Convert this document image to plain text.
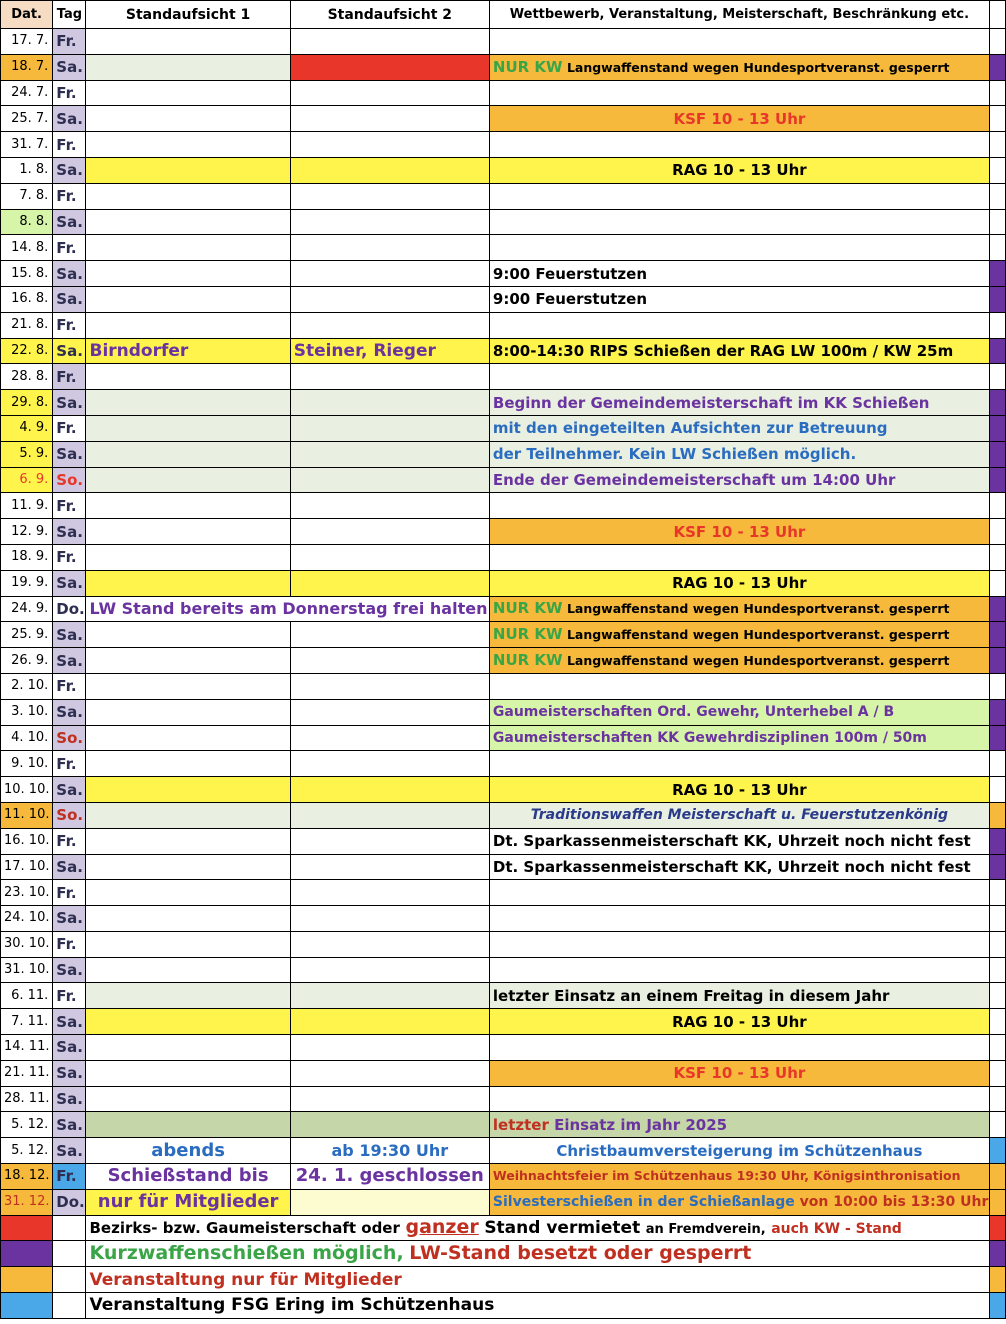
Dat.	Tag	Standaufsicht 1	Standaufsicht 2	Wettbewerb, Veranstaltung, Meisterschaft, Beschränkung etc.	
17. 7.	Fr.				
18. 7.	Sa.			NUR KW Langwaffenstand wegen Hundesportveranst. gesperrt	
24. 7.	Fr.				
25. 7.	Sa.			KSF 10 - 13 Uhr	
31. 7.	Fr.				
1. 8.	Sa.			RAG 10 - 13 Uhr	
7. 8.	Fr.				
8. 8.	Sa.				
14. 8.	Fr.				
15. 8.	Sa.			9:00 Feuerstutzen	
16. 8.	Sa.			9:00 Feuerstutzen	
21. 8.	Fr.				
22. 8.	Sa.	Birndorfer	Steiner, Rieger	8:00-14:30 RIPS Schießen der RAG LW 100m / KW 25m	
28. 8.	Fr.				
29. 8.	Sa.			Beginn der Gemeindemeisterschaft im KK Schießen	
4. 9.	Fr.			mit den eingeteilten Aufsichten zur Betreuung	
5. 9.	Sa.			der Teilnehmer. Kein LW Schießen möglich.	
6. 9.	So.			Ende der Gemeindemeisterschaft um 14:00 Uhr	
11. 9.	Fr.				
12. 9.	Sa.			KSF 10 - 13 Uhr	
18. 9.	Fr.				
19. 9.	Sa.			RAG 10 - 13 Uhr	
24. 9.	Do.	LW Stand bereits am Donnerstag frei halten		NUR KW Langwaffenstand wegen Hundesportveranst. gesperrt	
25. 9.	Sa.			NUR KW Langwaffenstand wegen Hundesportveranst. gesperrt	
26. 9.	Sa.			NUR KW Langwaffenstand wegen Hundesportveranst. gesperrt	
2. 10.	Fr.				
3. 10.	Sa.			Gaumeisterschaften Ord. Gewehr, Unterhebel A / B	
4. 10.	So.			Gaumeisterschaften KK Gewehrdisziplinen 100m / 50m	
9. 10.	Fr.				
10. 10.	Sa.			RAG 10 - 13 Uhr	
11. 10.	So.			Traditionswaffen Meisterschaft u. Feuerstutzenkönig	
16. 10.	Fr.			Dt. Sparkassenmeisterschaft KK, Uhrzeit noch nicht fest	
17. 10.	Sa.			Dt. Sparkassenmeisterschaft KK, Uhrzeit noch nicht fest	
23. 10.	Fr.				
24. 10.	Sa.				
30. 10.	Fr.				
31. 10.	Sa.				
6. 11.	Fr.			letzter Einsatz an einem Freitag in diesem Jahr	
7. 11.	Sa.			RAG 10 - 13 Uhr	
14. 11.	Sa.				
21. 11.	Sa.			KSF 10 - 13 Uhr	
28. 11.	Sa.				
5. 12.	Sa.			letzter Einsatz im Jahr 2025	
5. 12.	Sa.	abends	ab 19:30 Uhr	Christbaumversteigerung im Schützenhaus	
18. 12.	Fr.	Schießstand bis	24. 1. geschlossen	Weihnachtsfeier im Schützenhaus 19:30 Uhr, Königsinthronisation	
31. 12.	Do.	nur für Mitglieder		Silvesterschießen in der Schießanlage von 10:00 bis 13:30 Uhr	
		Bezirks- bzw. Gaumeisterschaft oder ganzer Stand vermietet an Fremdverein, auch KW - Stand			
		Kurzwaffenschießen möglich, LW-Stand besetzt oder gesperrt			
		Veranstaltung nur für Mitglieder			
		Veranstaltung FSG Ering im Schützenhaus			
